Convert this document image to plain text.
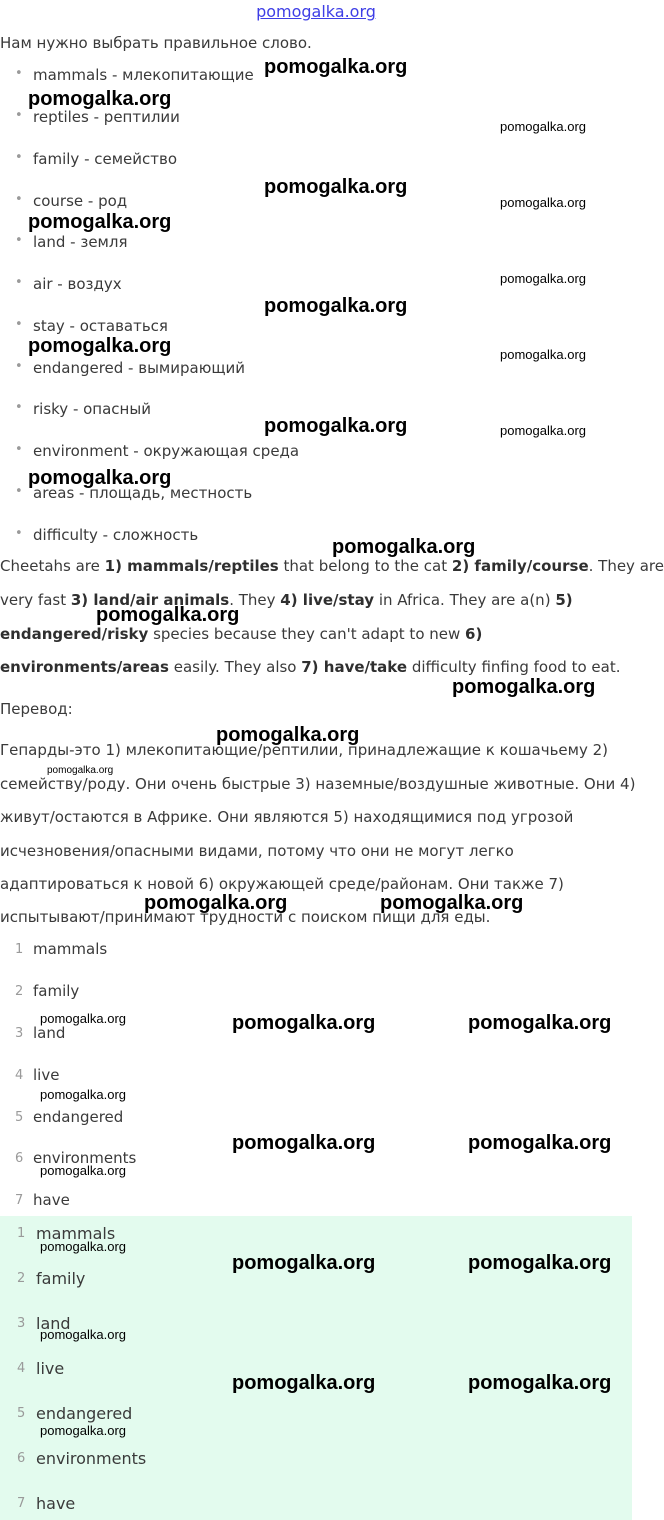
pomogalka.org
Нам нужно выбрать правильное слово.
• mammals - млекопитающие
• reptiles - рептилии
• family - семейство
• course - род
• land - земля
• air - воздух
• stay - оставаться
• endangered - вымирающий
• risky - опасный
• environment - окружающая среда
• areas - площадь, местность
• difficulty - сложность
Cheetahs are 1) mammals/reptiles that belong to the cat 2) family/course. They are
very fast 3) land/air animals. They 4) live/stay in Africa. They are a(n) 5)
endangered/risky species because they can't adapt to new 6)
environments/areas easily. They also 7) have/take difficulty finfing food to eat.
Перевод:
Гепарды-это 1) млекопитающие/рептилии, принадлежащие к кошачьему 2)
семейству/роду. Они очень быстрые 3) наземные/воздушные животные. Они 4)
живут/остаются в Африке. Они являются 5) находящимися под угрозой
исчезновения/опасными видами, потому что они не могут легко
адаптироваться к новой 6) окружающей среде/районам. Они также 7)
испытывают/принимают трудности с поиском пищи для еды.
1 mammals
2 family
3 land
4 live
5 endangered
6 environments
7 have
1 mammals
2 family
3 land
4 live
5 endangered
6 environments
7 have
pomogalka.org
pomogalka.org
pomogalka.org
pomogalka.org
pomogalka.org
pomogalka.org
pomogalka.org
pomogalka.org
pomogalka.org	pomogalka.org
pomogalka.org	pomogalka.org
pomogalka.org
pomogalka.org
pomogalka.org
pomogalka.org
pomogalka.org
pomogalka.org
pomogalka.org	pomogalka.org
pomogalka.org	pomogalka.org	pomogalka.org
pomogalka.org
pomogalka.org	pomogalka.org
pomogalka.org
pomogalka.org
pomogalka.org	pomogalka.org
pomogalka.org
pomogalka.org	pomogalka.org
pomogalka.org
